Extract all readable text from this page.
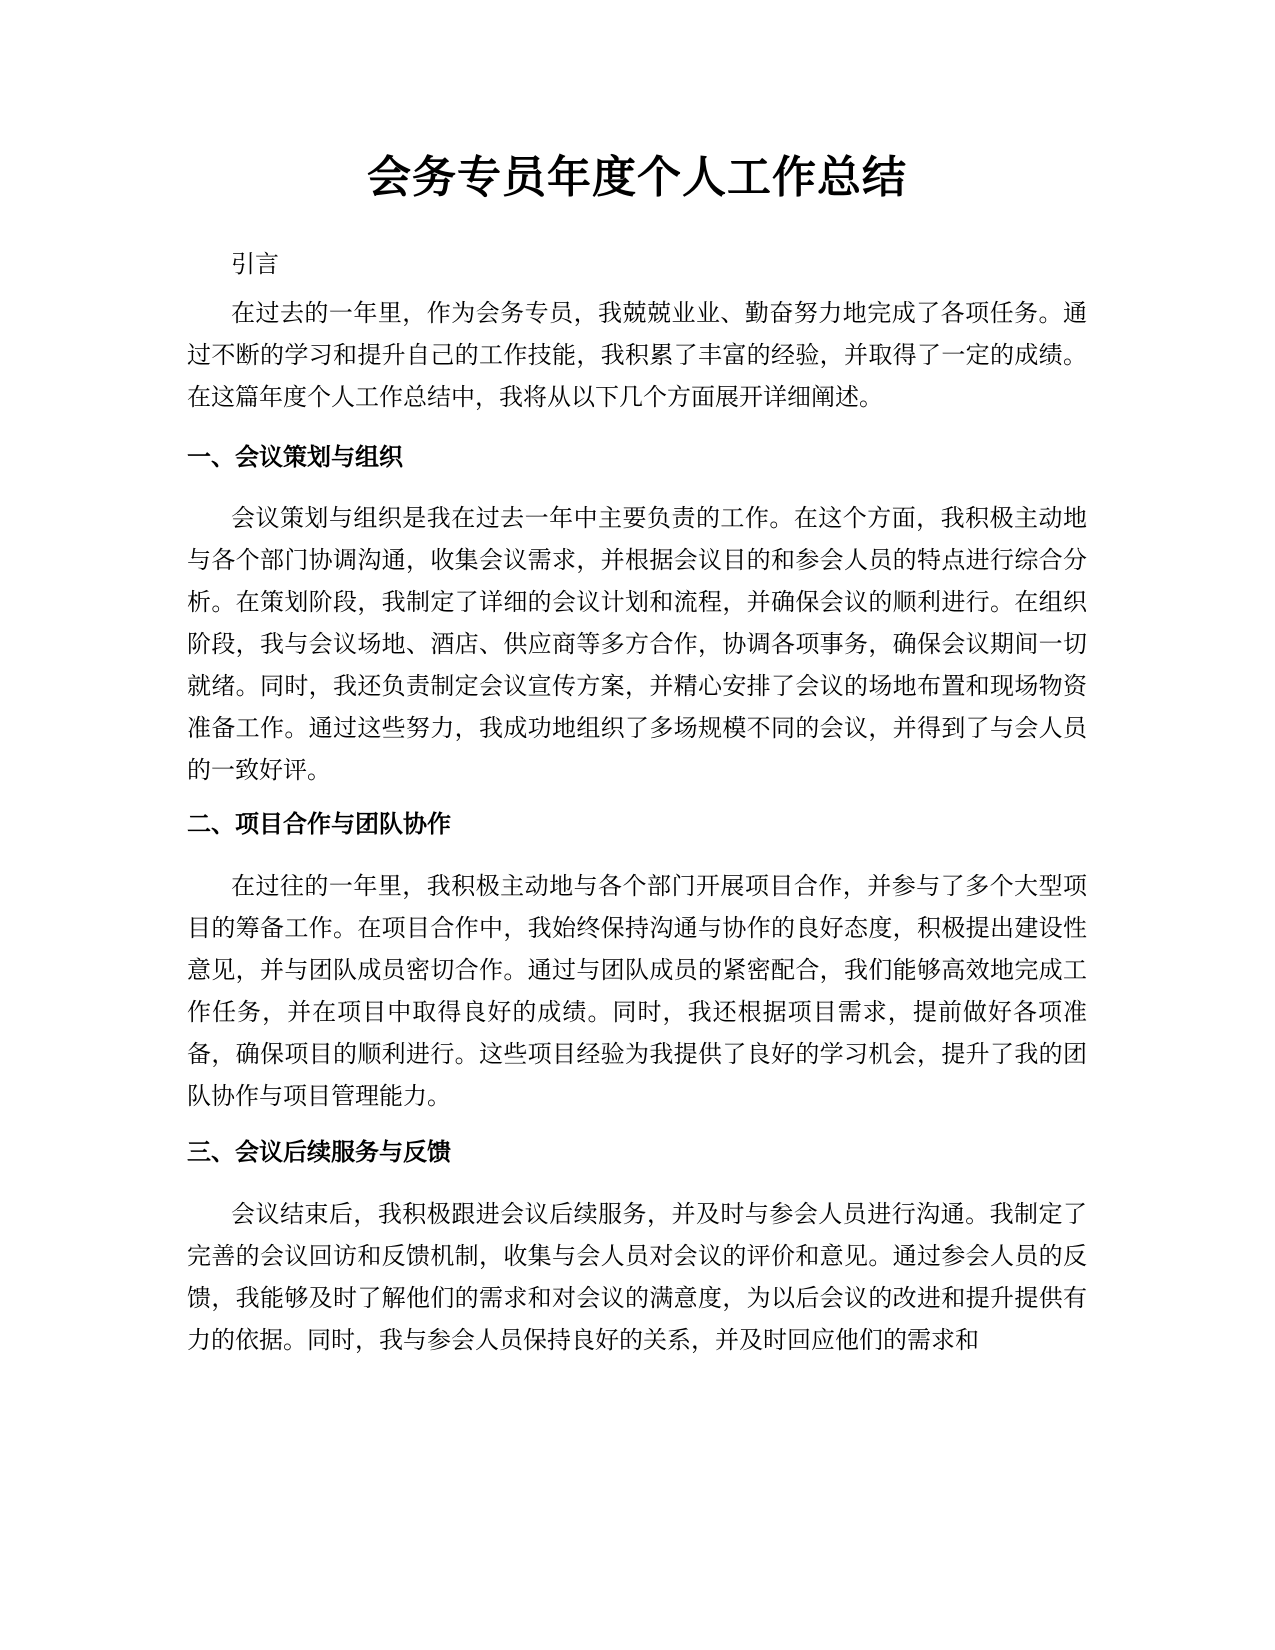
会务专员年度个人工作总结

引言

在过去的一年里，作为会务专员，我兢兢业业、勤奋努力地完成了各项任务。通过不断的学习和提升自己的工作技能，我积累了丰富的经验，并取得了一定的成绩。在这篇年度个人工作总结中，我将从以下几个方面展开详细阐述。

一、会议策划与组织

会议策划与组织是我在过去一年中主要负责的工作。在这个方面，我积极主动地与各个部门协调沟通，收集会议需求，并根据会议目的和参会人员的特点进行综合分析。在策划阶段，我制定了详细的会议计划和流程，并确保会议的顺利进行。在组织阶段，我与会议场地、酒店、供应商等多方合作，协调各项事务，确保会议期间一切就绪。同时，我还负责制定会议宣传方案，并精心安排了会议的场地布置和现场物资准备工作。通过这些努力，我成功地组织了多场规模不同的会议，并得到了与会人员的一致好评。

二、项目合作与团队协作

在过往的一年里，我积极主动地与各个部门开展项目合作，并参与了多个大型项目的筹备工作。在项目合作中，我始终保持沟通与协作的良好态度，积极提出建设性意见，并与团队成员密切合作。通过与团队成员的紧密配合，我们能够高效地完成工作任务，并在项目中取得良好的成绩。同时，我还根据项目需求，提前做好各项准备，确保项目的顺利进行。这些项目经验为我提供了良好的学习机会，提升了我的团队协作与项目管理能力。

三、会议后续服务与反馈

会议结束后，我积极跟进会议后续服务，并及时与参会人员进行沟通。我制定了完善的会议回访和反馈机制，收集与会人员对会议的评价和意见。通过参会人员的反馈，我能够及时了解他们的需求和对会议的满意度，为以后会议的改进和提升提供有力的依据。同时，我与参会人员保持良好的关系，并及时回应他们的需求和
